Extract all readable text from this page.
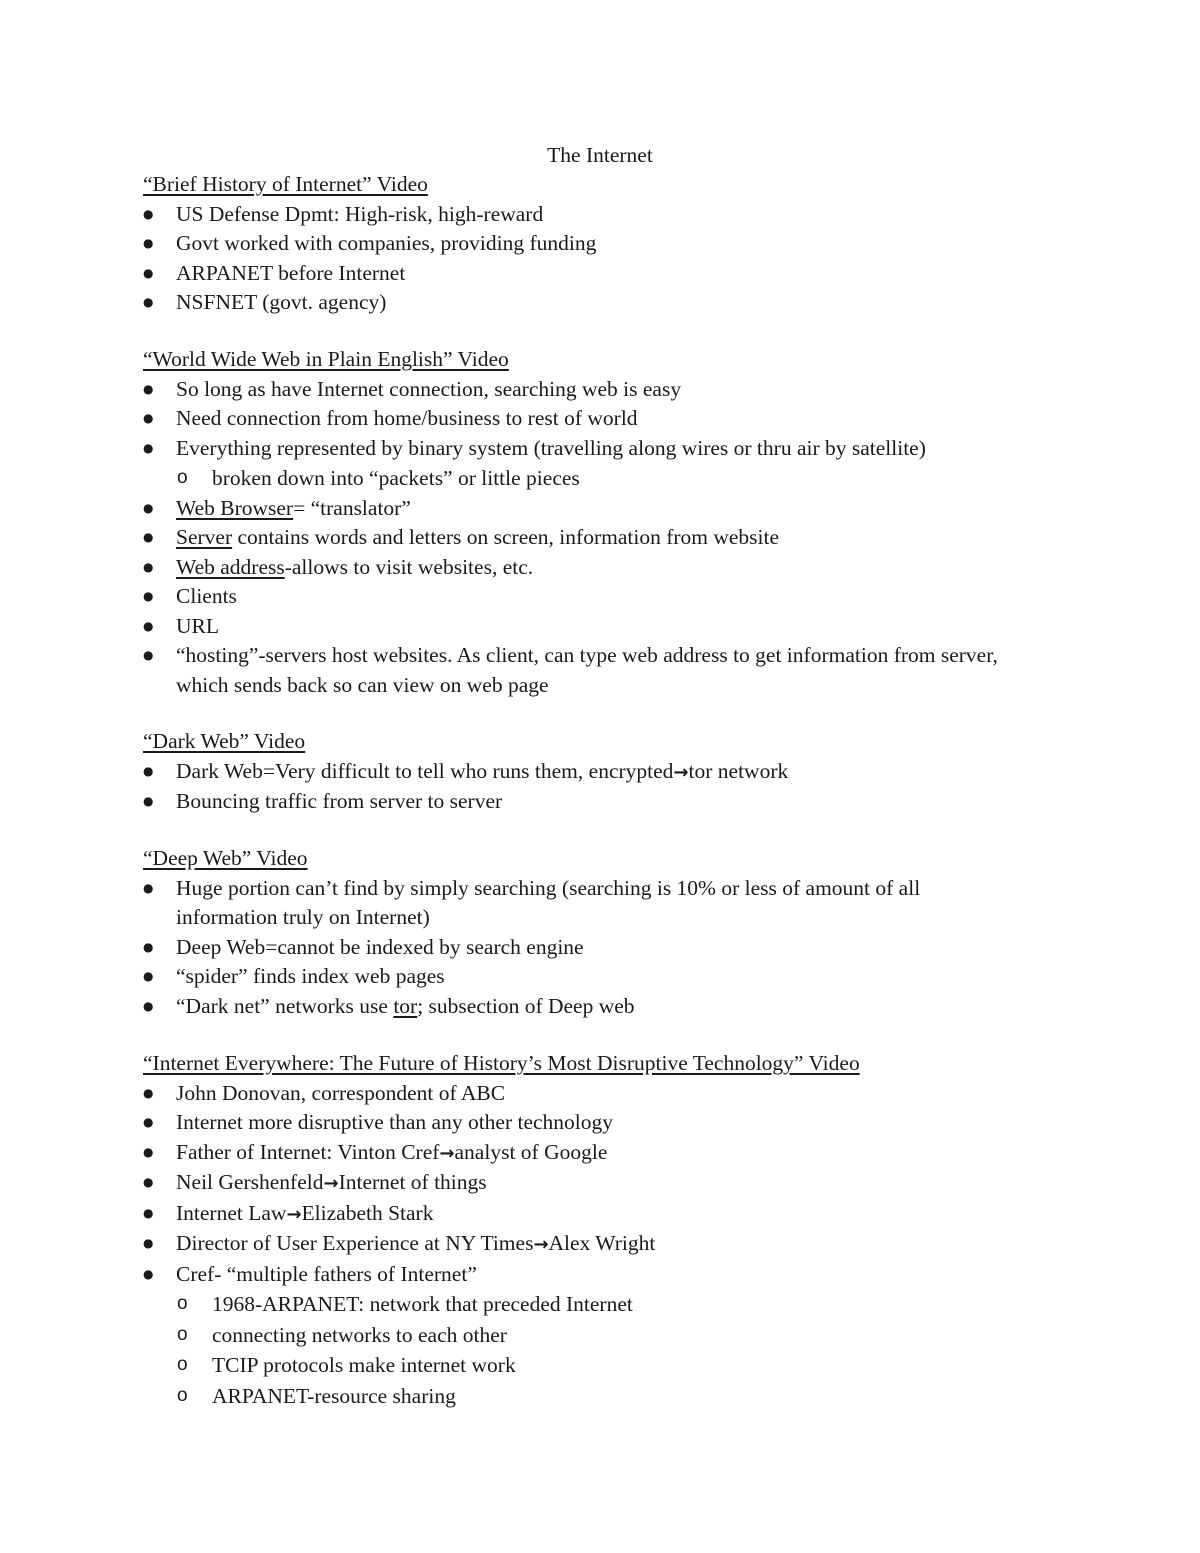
The Internet
“Brief History of Internet” Video
● US Defense Dpmt: High-risk, high-reward
● Govt worked with companies, providing funding
● ARPANET before Internet
● NSFNET (govt. agency)
“World Wide Web in Plain English” Video
● So long as have Internet connection, searching web is easy
● Need connection from home/business to rest of world
● Everything represented by binary system (travelling along wires or thru air by satellite)
o broken down into “packets” or little pieces
● Web Browser= “translator”
● Server contains words and letters on screen, information from website
● Web address-allows to visit websites, etc.
● Clients
● URL
● “hosting”-servers host websites. As client, can type web address to get information from server, which sends back so can view on web page
“Dark Web” Video
● Dark Web=Very difficult to tell who runs them, encrypted→tor network
● Bouncing traffic from server to server
“Deep Web” Video
● Huge portion can’t find by simply searching (searching is 10% or less of amount of all information truly on Internet)
● Deep Web=cannot be indexed by search engine
● “spider” finds index web pages
● “Dark net” networks use tor; subsection of Deep web
“Internet Everywhere: The Future of History’s Most Disruptive Technology” Video
● John Donovan, correspondent of ABC
● Internet more disruptive than any other technology
● Father of Internet: Vinton Cref→analyst of Google
● Neil Gershenfeld→Internet of things
● Internet Law→Elizabeth Stark
● Director of User Experience at NY Times→Alex Wright
● Cref- “multiple fathers of Internet”
o 1968-ARPANET: network that preceded Internet
o connecting networks to each other
o TCIP protocols make internet work
o ARPANET-resource sharing
